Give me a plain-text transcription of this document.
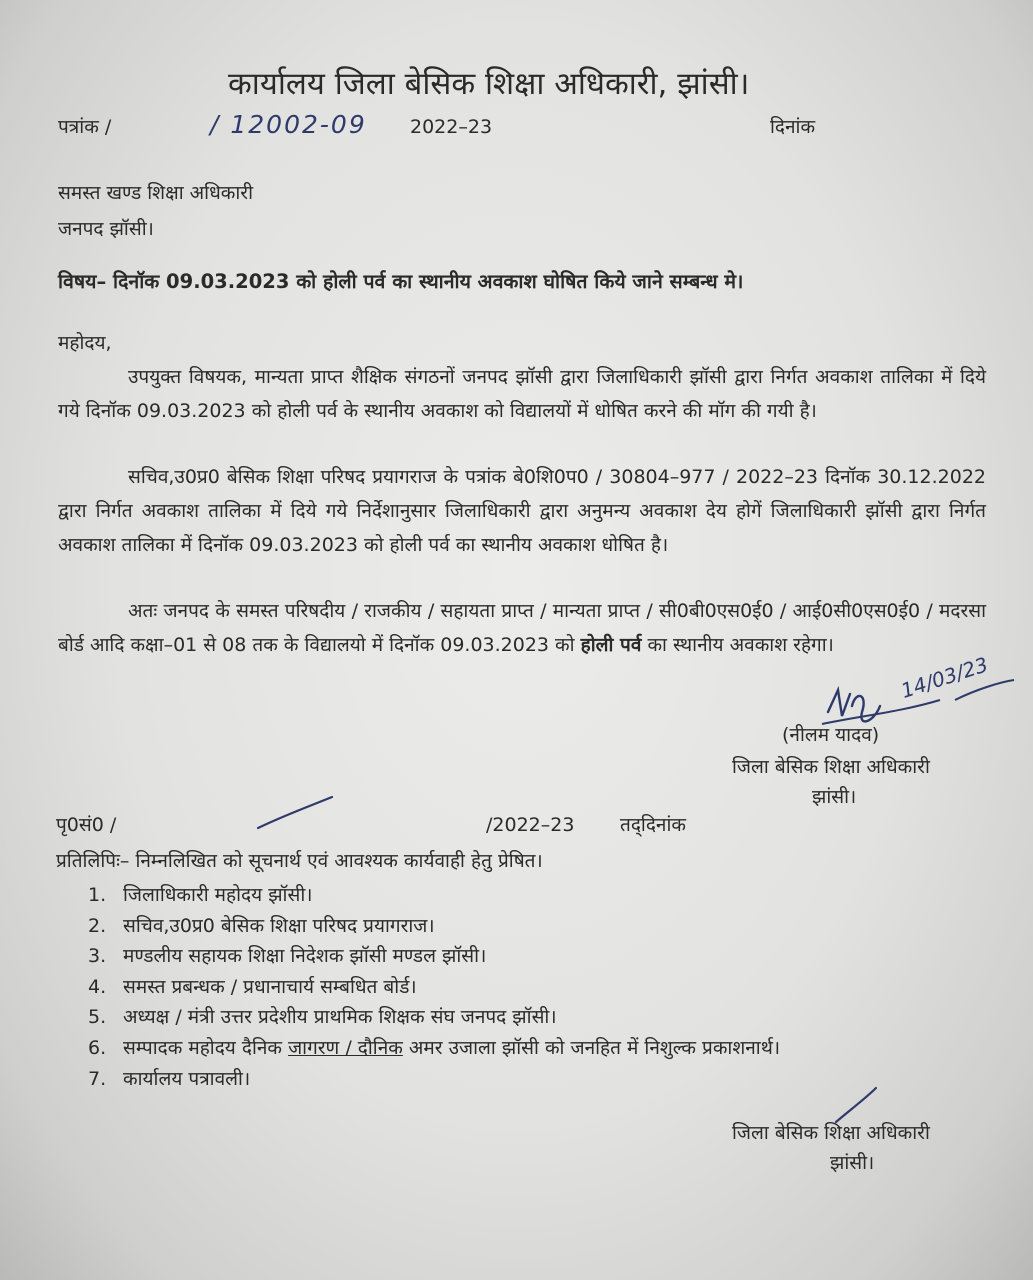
कार्यालय जिला बेसिक शिक्षा अधिकारी, झांसी।
पत्रांक /	/ 12002-09 2022–23	दिनांक
समस्त खण्ड शिक्षा अधिकारी
जनपद झॉसी।
विषय– दिनॉक 09.03.2023 को होली पर्व का स्थानीय अवकाश घोषित किये जाने सम्बन्ध मे।
महोदय,
उपयुक्त विषयक, मान्यता प्राप्त शैक्षिक संगठनों जनपद झॉसी द्वारा जिलाधिकारी झॉसी द्वारा निर्गत अवकाश तालिका में दिये गये दिनॉक 09.03.2023 को होली पर्व के स्थानीय अवकाश को विद्यालयों में धोषित करने की मॉग की गयी है।
सचिव,उ0प्र0 बेसिक शिक्षा परिषद प्रयागराज के पत्रांक बे0शि0प0 / 30804–977 / 2022–23 दिनॉक 30.12.2022 द्वारा निर्गत अवकाश तालिका में दिये गये निर्देशानुसार जिलाधिकारी द्वारा अनुमन्य अवकाश देय होगें जिलाधिकारी झॉसी द्वारा निर्गत अवकाश तालिका में दिनॉक 09.03.2023 को होली पर्व का स्थानीय अवकाश धोषित है।
अतः जनपद के समस्त परिषदीय / राजकीय / सहायता प्राप्त / मान्यता प्राप्त / सी0बी0एस0ई0 / आई0सी0एस0ई0 / मदरसा बोर्ड आदि कक्षा–01 से 08 तक के विद्यालयो में दिनॉक 09.03.2023 को होली पर्व का स्थानीय अवकाश रहेगा।
14/03/23
(नीलम यादव)
जिला बेसिक शिक्षा अधिकारी
झांसी।
पृ0सं0 /	/2022–23 तद्‌दिनांक
प्रतिलिपिः– निम्नलिखित को सूचनार्थ एवं आवश्यक कार्यवाही हेतु प्रेषित।
1. जिलाधिकारी महोदय झॉसी।
2. सचिव,उ0प्र0 बेसिक शिक्षा परिषद प्रयागराज।
3. मण्डलीय सहायक शिक्षा निदेशक झॉसी मण्डल झॉसी।
4. समस्त प्रबन्धक / प्रधानाचार्य सम्बधित बोर्ड।
5. अध्यक्ष / मंत्री उत्तर प्रदेशीय प्राथमिक शिक्षक संघ जनपद झॉसी।
6. सम्पादक महोदय दैनिक जागरण / दौनिक अमर उजाला झॉसी को जनहित में निशुल्क प्रकाशनार्थ।
7. कार्यालय पत्रावली।
जिला बेसिक शिक्षा अधिकारी
झांसी।
